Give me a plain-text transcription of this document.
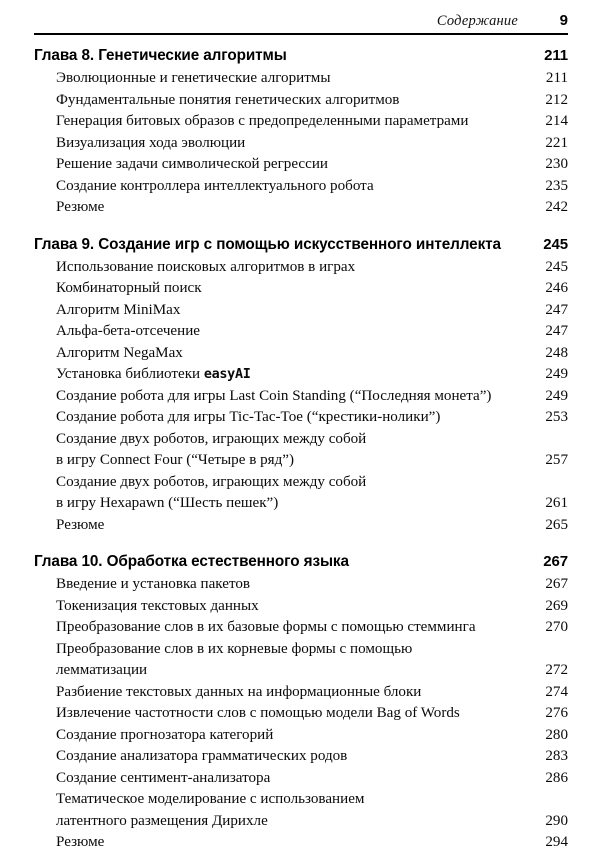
Содержание	9
Глава 8. Генетические алгоритмы	211
Эволюционные и генетические алгоритмы	211
Фундаментальные понятия генетических алгоритмов	212
Генерация битовых образов с предопределенными параметрами	214
Визуализация хода эволюции	221
Решение задачи символической регрессии	230
Создание контроллера интеллектуального робота	235
Резюме	242
Глава 9. Создание игр с помощью искусственного интеллекта	245
Использование поисковых алгоритмов в играх	245
Комбинаторный поиск	246
Алгоритм MiniMax	247
Альфа-бета-отсечение	247
Алгоритм NegaMax	248
Установка библиотеки easyAI	249
Создание робота для игры Last Coin Standing (“Последняя монета”)	249
Создание робота для игры Tic-Tac-Toe (“крестики-нолики”)	253
Создание двух роботов, играющих между собой
в игру Connect Four (“Четыре в ряд”)	257
Создание двух роботов, играющих между собой
в игру Hexapawn (“Шесть пешек”)	261
Резюме	265
Глава 10. Обработка естественного языка	267
Введение и установка пакетов	267
Токенизация текстовых данных	269
Преобразование слов в их базовые формы с помощью стемминга	270
Преобразование слов в их корневые формы с помощью
лемматизации	272
Разбиение текстовых данных на информационные блоки	274
Извлечение частотности слов с помощью модели Bag of Words	276
Создание прогнозатора категорий	280
Создание анализатора грамматических родов	283
Создание сентимент-анализатора	286
Тематическое моделирование с использованием
латентного размещения Дирихле	290
Резюме	294
